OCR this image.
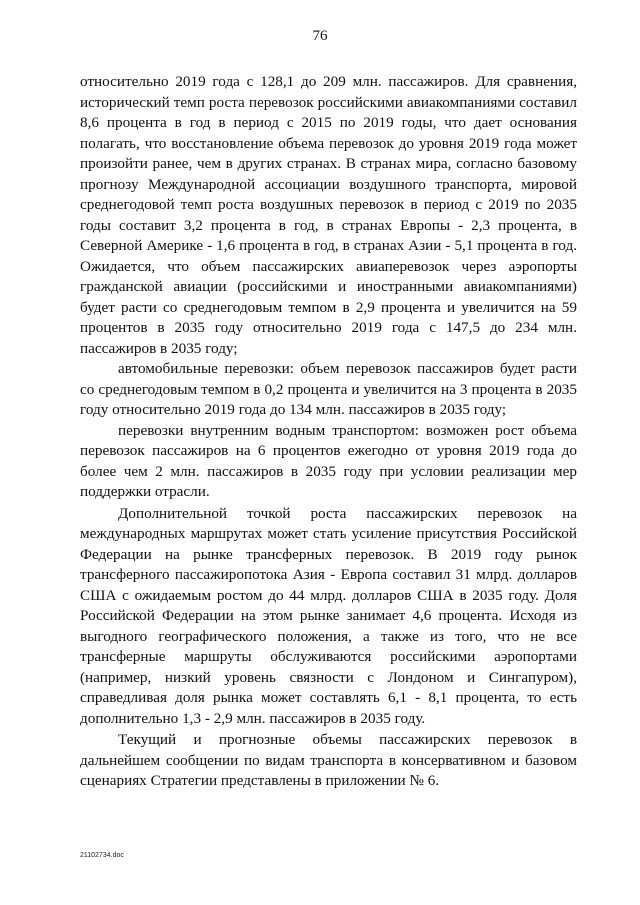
76

относительно 2019 года с 128,1 до 209 млн. пассажиров. Для сравнения, исторический темп роста перевозок российскими авиакомпаниями составил 8,6 процента в год в период с 2015 по 2019 годы, что дает основания полагать, что восстановление объема перевозок до уровня 2019 года может произойти ранее, чем в других странах. В странах мира, согласно базовому прогнозу Международной ассоциации воздушного транспорта, мировой среднегодовой темп роста воздушных перевозок в период с 2019 по 2035 годы составит 3,2 процента в год, в странах Европы - 2,3 процента, в Северной Америке - 1,6 процента в год, в странах Азии - 5,1 процента в год. Ожидается, что объем пассажирских авиаперевозок через аэропорты гражданской авиации (российскими и иностранными авиакомпаниями) будет расти со среднегодовым темпом в 2,9 процента и увеличится на 59 процентов в 2035 году относительно 2019 года с 147,5 до 234 млн. пассажиров в 2035 году;

автомобильные перевозки: объем перевозок пассажиров будет расти со среднегодовым темпом в 0,2 процента и увеличится на 3 процента в 2035 году относительно 2019 года до 134 млн. пассажиров в 2035 году;

перевозки внутренним водным транспортом: возможен рост объема перевозок пассажиров на 6 процентов ежегодно от уровня 2019 года до более чем 2 млн. пассажиров в 2035 году при условии реализации мер поддержки отрасли.

Дополнительной точкой роста пассажирских перевозок на международных маршрутах может стать усиление присутствия Российской Федерации на рынке трансферных перевозок. В 2019 году рынок трансферного пассажиропотока Азия - Европа составил 31 млрд. долларов США с ожидаемым ростом до 44 млрд. долларов США в 2035 году. Доля Российской Федерации на этом рынке занимает 4,6 процента. Исходя из выгодного географического положения, а также из того, что не все трансферные маршруты обслуживаются российскими аэропортами (например, низкий уровень связности с Лондоном и Сингапуром), справедливая доля рынка может составлять 6,1 - 8,1 процента, то есть дополнительно 1,3 - 2,9 млн. пассажиров в 2035 году.

Текущий и прогнозные объемы пассажирских перевозок в дальнейшем сообщении по видам транспорта в консервативном и базовом сценариях Стратегии представлены в приложении № 6.

21102734.doc
